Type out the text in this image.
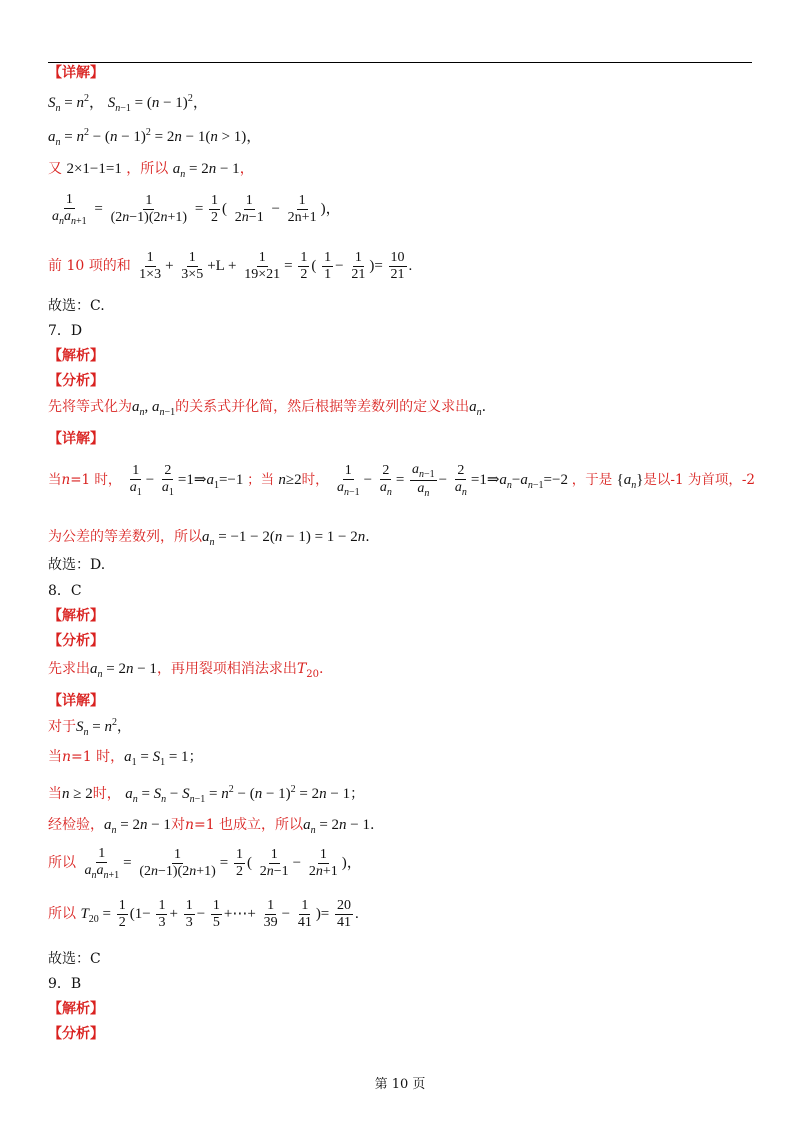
【详解】
$S_n = n^2$， $S_{n-1} = (n - 1)^2$，
$a_n = n^2 - (n - 1)^2 = 2n - 1(n > 1)$，
又 2×1−1=1 ，所以 $a_n = 2n - 1$，
$\frac{1}{a_na_{n+1}} = \frac{1}{(2n-1)(2n+1)} = \frac{1}{2}$ ( $\frac{1}{2n-1} - \frac{1}{2n+1}$ )，
前 10 项的和 $\frac{1}{1\times 3} + \frac{1}{3\times 5} +L + \frac{1}{19\times 21} = \frac{1}{2}$ ( $\frac{1}{1} - \frac{1}{21}$ )= $\frac{10}{21}$ .
故选：C.
7．D
【解析】
【分析】
先将等式化为$a_n$, $a_{n-1}$的关系式并化简，然后根据等差数列的定义求出$a_n$.
【详解】
当n=1 时， $\frac{1}{a_1} - \frac{2}{a_1}$ $=1\Rightarrow a_1=-1$ ；当 n≥2时， $\frac{1}{a_{n-1}} - \frac{2}{a_n} = \frac{a_{n-1}}{a_n} - \frac{2}{a_n}$ $=1\Rightarrow a_n-a_{n-1}=-2$ ，于是 $\{a_n\}$是以-1 为首项，-2
为公差的等差数列，所以$a_n = -1 - 2(n - 1) = 1 - 2n$.
故选：D.
8．C
【解析】
【分析】
先求出$a_n = 2n - 1$，再用裂项相消法求出$T_{20}$.
【详解】
对于$S_n = n^2$，
当n=1 时，$a_1 = S_1 = 1$；
当n ≥ 2时， $a_n = S_n - S_{n-1} = n^2 - (n - 1)^2 = 2n - 1$；
经检验，$a_n = 2n - 1$对n=1 也成立，所以$a_n = 2n - 1$.
所以 $\frac{1}{a_na_{n+1}} = \frac{1}{(2n-1)(2n+1)} = \frac{1}{2}$ ( $\frac{1}{2n-1} - \frac{1}{2n+1}$ )，
所以 $T_{20} = \frac{1}{2} (1- \frac{1}{3} + \frac{1}{3} - \frac{1}{5}$ +⋯+ $\frac{1}{39} - \frac{1}{41}$ )= $\frac{20}{41}$ .
故选：C
9．B
【解析】
【分析】
第 10 页
